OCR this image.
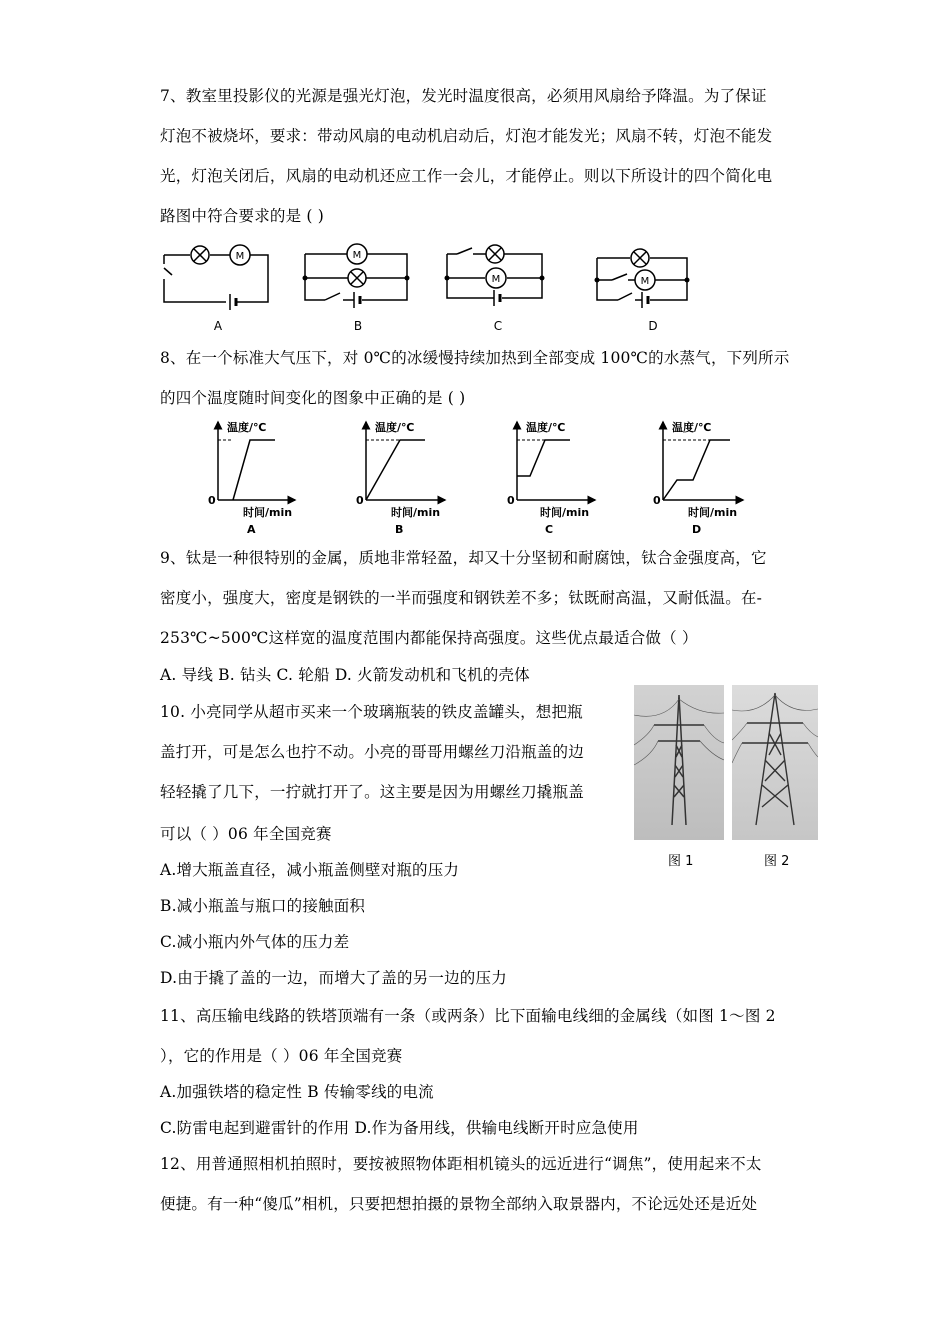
7、教室里投影仪的光源是强光灯泡，发光时温度很高，必须用风扇给予降温。为了保证
灯泡不被烧坏，要求：带动风扇的电动机启动后，灯泡才能发光；风扇不转，灯泡不能发
光，灯泡关闭后，风扇的电动机还应工作一会儿，才能停止。则以下所设计的四个简化电
路图中符合要求的是 ( )
M	M
M	M
A	B	C	D
8、在一个标准大气压下，对 0℃的冰缓慢持续加热到全部变成 100℃的水蒸气，下列所示
的四个温度随时间变化的图象中正确的是 ( )
温度/℃	温度/℃	温度/℃	温度/℃
时间/min	时间/min	时间/min	时间/min
0	0	0	0
A	B	C	D
9、钛是一种很特别的金属，质地非常轻盈，却又十分坚韧和耐腐蚀，钛合金强度高，它
密度小，强度大，密度是钢铁的一半而强度和钢铁差不多；钛既耐高温，又耐低温。在-
253℃~500℃这样宽的温度范围内都能保持高强度。这些优点最适合做（ ）
A. 导线 B. 钻头 C. 轮船 D. 火箭发动机和飞机的壳体
10. 小亮同学从超市买来一个玻璃瓶装的铁皮盖罐头，想把瓶
盖打开，可是怎么也拧不动。小亮的哥哥用螺丝刀沿瓶盖的边
轻轻撬了几下，一拧就打开了。这主要是因为用螺丝刀撬瓶盖
可以（ ）06 年全国竞赛
A.增大瓶盖直径，减小瓶盖侧壁对瓶的压力
B.减小瓶盖与瓶口的接触面积
C.减小瓶内外气体的压力差
D.由于撬了盖的一边，而增大了盖的另一边的压力
图 1	图 2
11、高压输电线路的铁塔顶端有一条（或两条）比下面输电线细的金属线（如图 1～图 2
），它的作用是（ ）06 年全国竞赛
A.加强铁塔的稳定性 B 传输零线的电流
C.防雷电起到避雷针的作用 D.作为备用线，供输电线断开时应急使用
12、用普通照相机拍照时，要按被照物体距相机镜头的远近进行“调焦”，使用起来不太
便捷。有一种“傻瓜”相机，只要把想拍摄的景物全部纳入取景器内，不论远处还是近处
